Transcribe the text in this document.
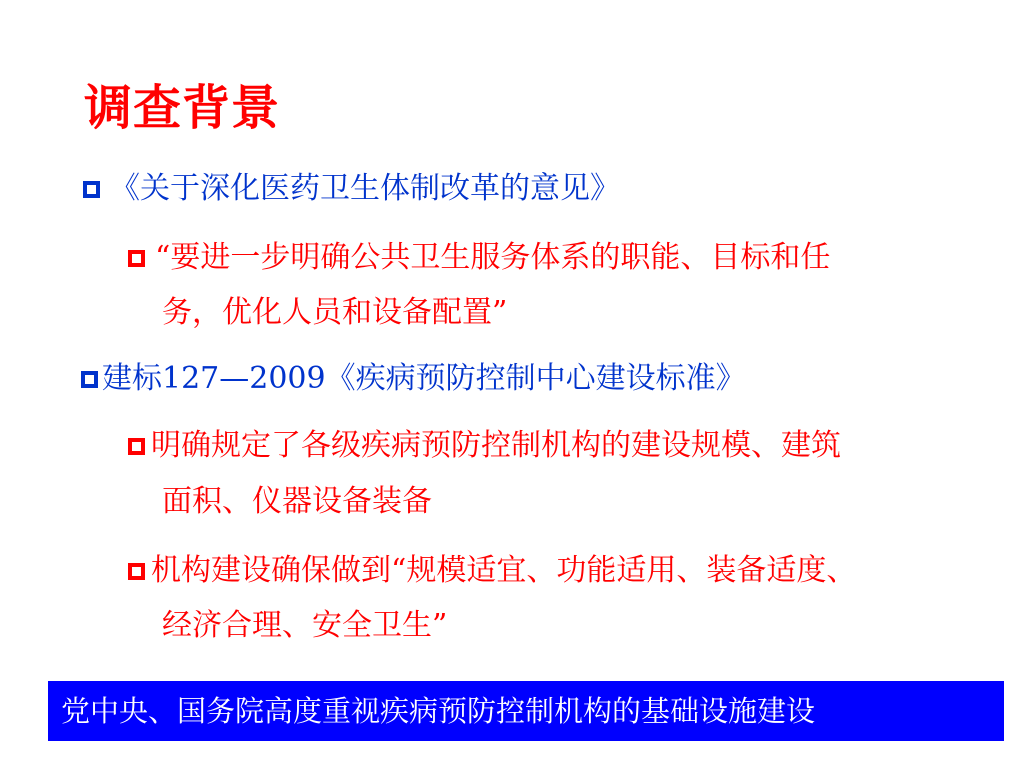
调查背景
《关于深化医药卫生体制改革的意见》
“要进一步明确公共卫生服务体系的职能、目标和任
务，优化人员和设备配置”
建标127—2009《疾病预防控制中心建设标准》
明确规定了各级疾病预防控制机构的建设规模、建筑
面积、仪器设备装备
机构建设确保做到“规模适宜、功能适用、装备适度、
经济合理、安全卫生”
党中央、国务院高度重视疾病预防控制机构的基础设施建设
